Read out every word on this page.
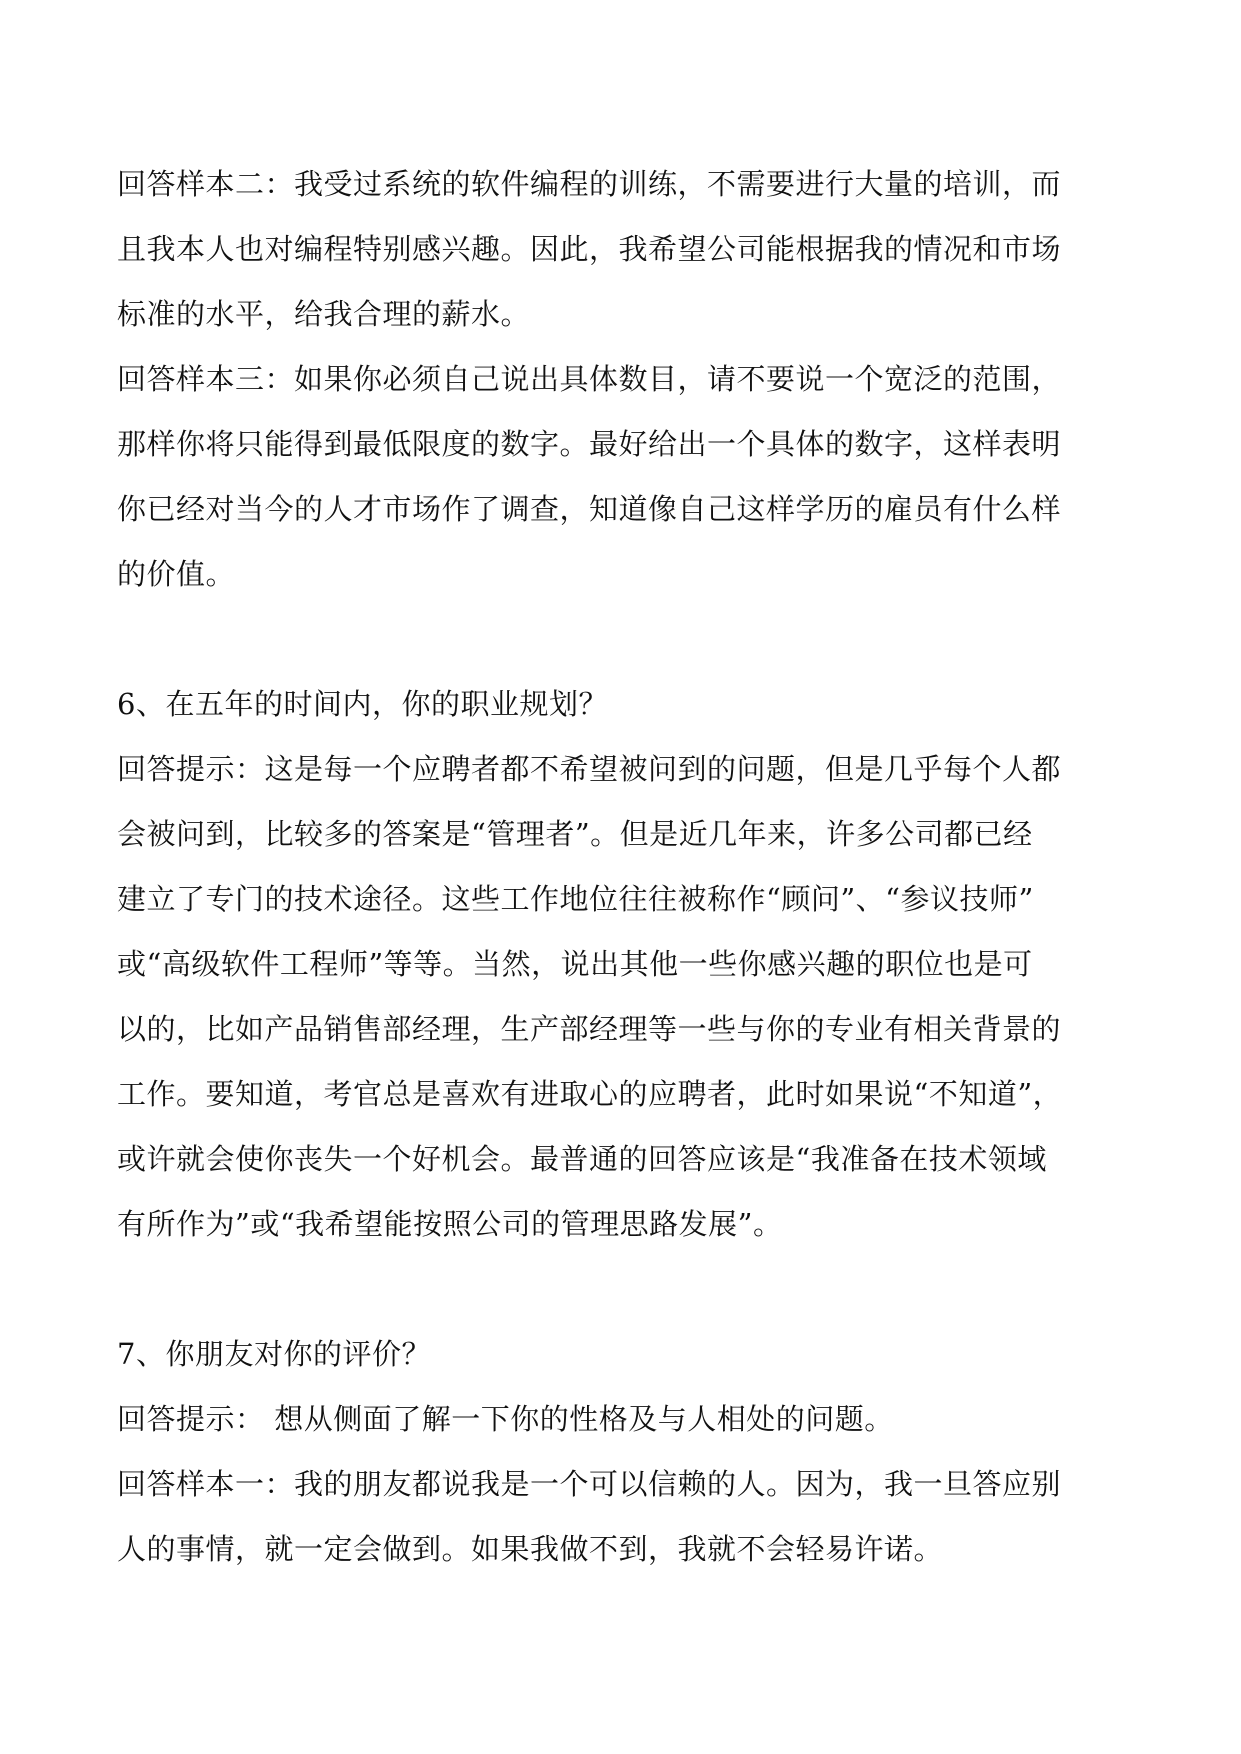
回答样本二：我受过系统的软件编程的训练，不需要进行大量的培训，而
且我本人也对编程特别感兴趣。因此，我希望公司能根据我的情况和市场
标准的水平，给我合理的薪水。

回答样本三：如果你必须自己说出具体数目，请不要说一个宽泛的范围，
那样你将只能得到最低限度的数字。最好给出一个具体的数字，这样表明
你已经对当今的人才市场作了调查，知道像自己这样学历的雇员有什么样
的价值。

6、在五年的时间内，你的职业规划？

回答提示：这是每一个应聘者都不希望被问到的问题，但是几乎每个人都
会被问到，比较多的答案是“管理者”。但是近几年来，许多公司都已经
建立了专门的技术途径。这些工作地位往往被称作“顾问”、“参议技师”
或“高级软件工程师”等等。当然，说出其他一些你感兴趣的职位也是可
以的，比如产品销售部经理，生产部经理等一些与你的专业有相关背景的
工作。要知道，考官总是喜欢有进取心的应聘者，此时如果说“不知道”，
或许就会使你丧失一个好机会。最普通的回答应该是“我准备在技术领域
有所作为”或“我希望能按照公司的管理思路发展”。

7、你朋友对你的评价？

回答提示： 想从侧面了解一下你的性格及与人相处的问题。

回答样本一：我的朋友都说我是一个可以信赖的人。因为，我一旦答应别
人的事情，就一定会做到。如果我做不到，我就不会轻易许诺。
